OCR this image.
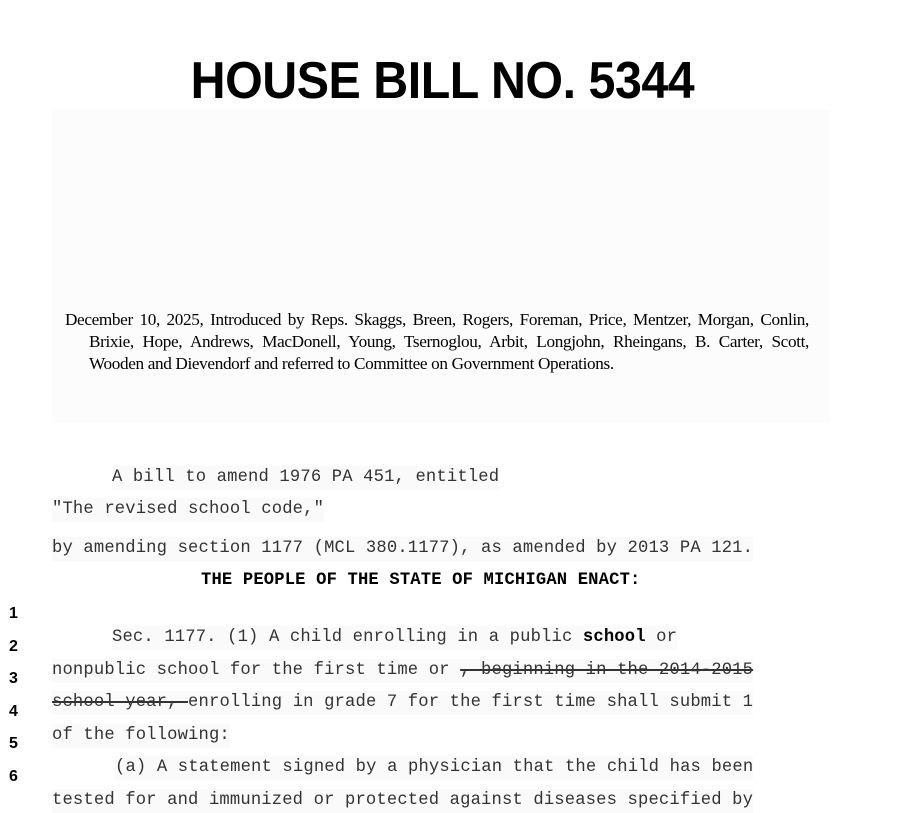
HOUSE BILL NO. 5344
December 10, 2025, Introduced by Reps. Skaggs, Breen, Rogers, Foreman, Price, Mentzer, Morgan, Conlin, Brixie, Hope, Andrews, MacDonell, Young, Tsernoglou, Arbit, Longjohn, Rheingans, B. Carter, Scott, Wooden and Dievendorf and referred to Committee on Government Operations.

A bill to amend 1976 PA 451, entitled

"The revised school code,"

by amending section 1177 (MCL 380.1177), as amended by 2013 PA 121.

THE PEOPLE OF THE STATE OF MICHIGAN ENACT:

1

Sec. 1177. (1) A child enrolling in a public school or

2

nonpublic school for the first time or , beginning in the 2014-2015

3

school year, enrolling in grade 7 for the first time shall submit 1

4

of the following:

5

(a) A statement signed by a physician that the child has been

6

tested for and immunized or protected against diseases specified by
